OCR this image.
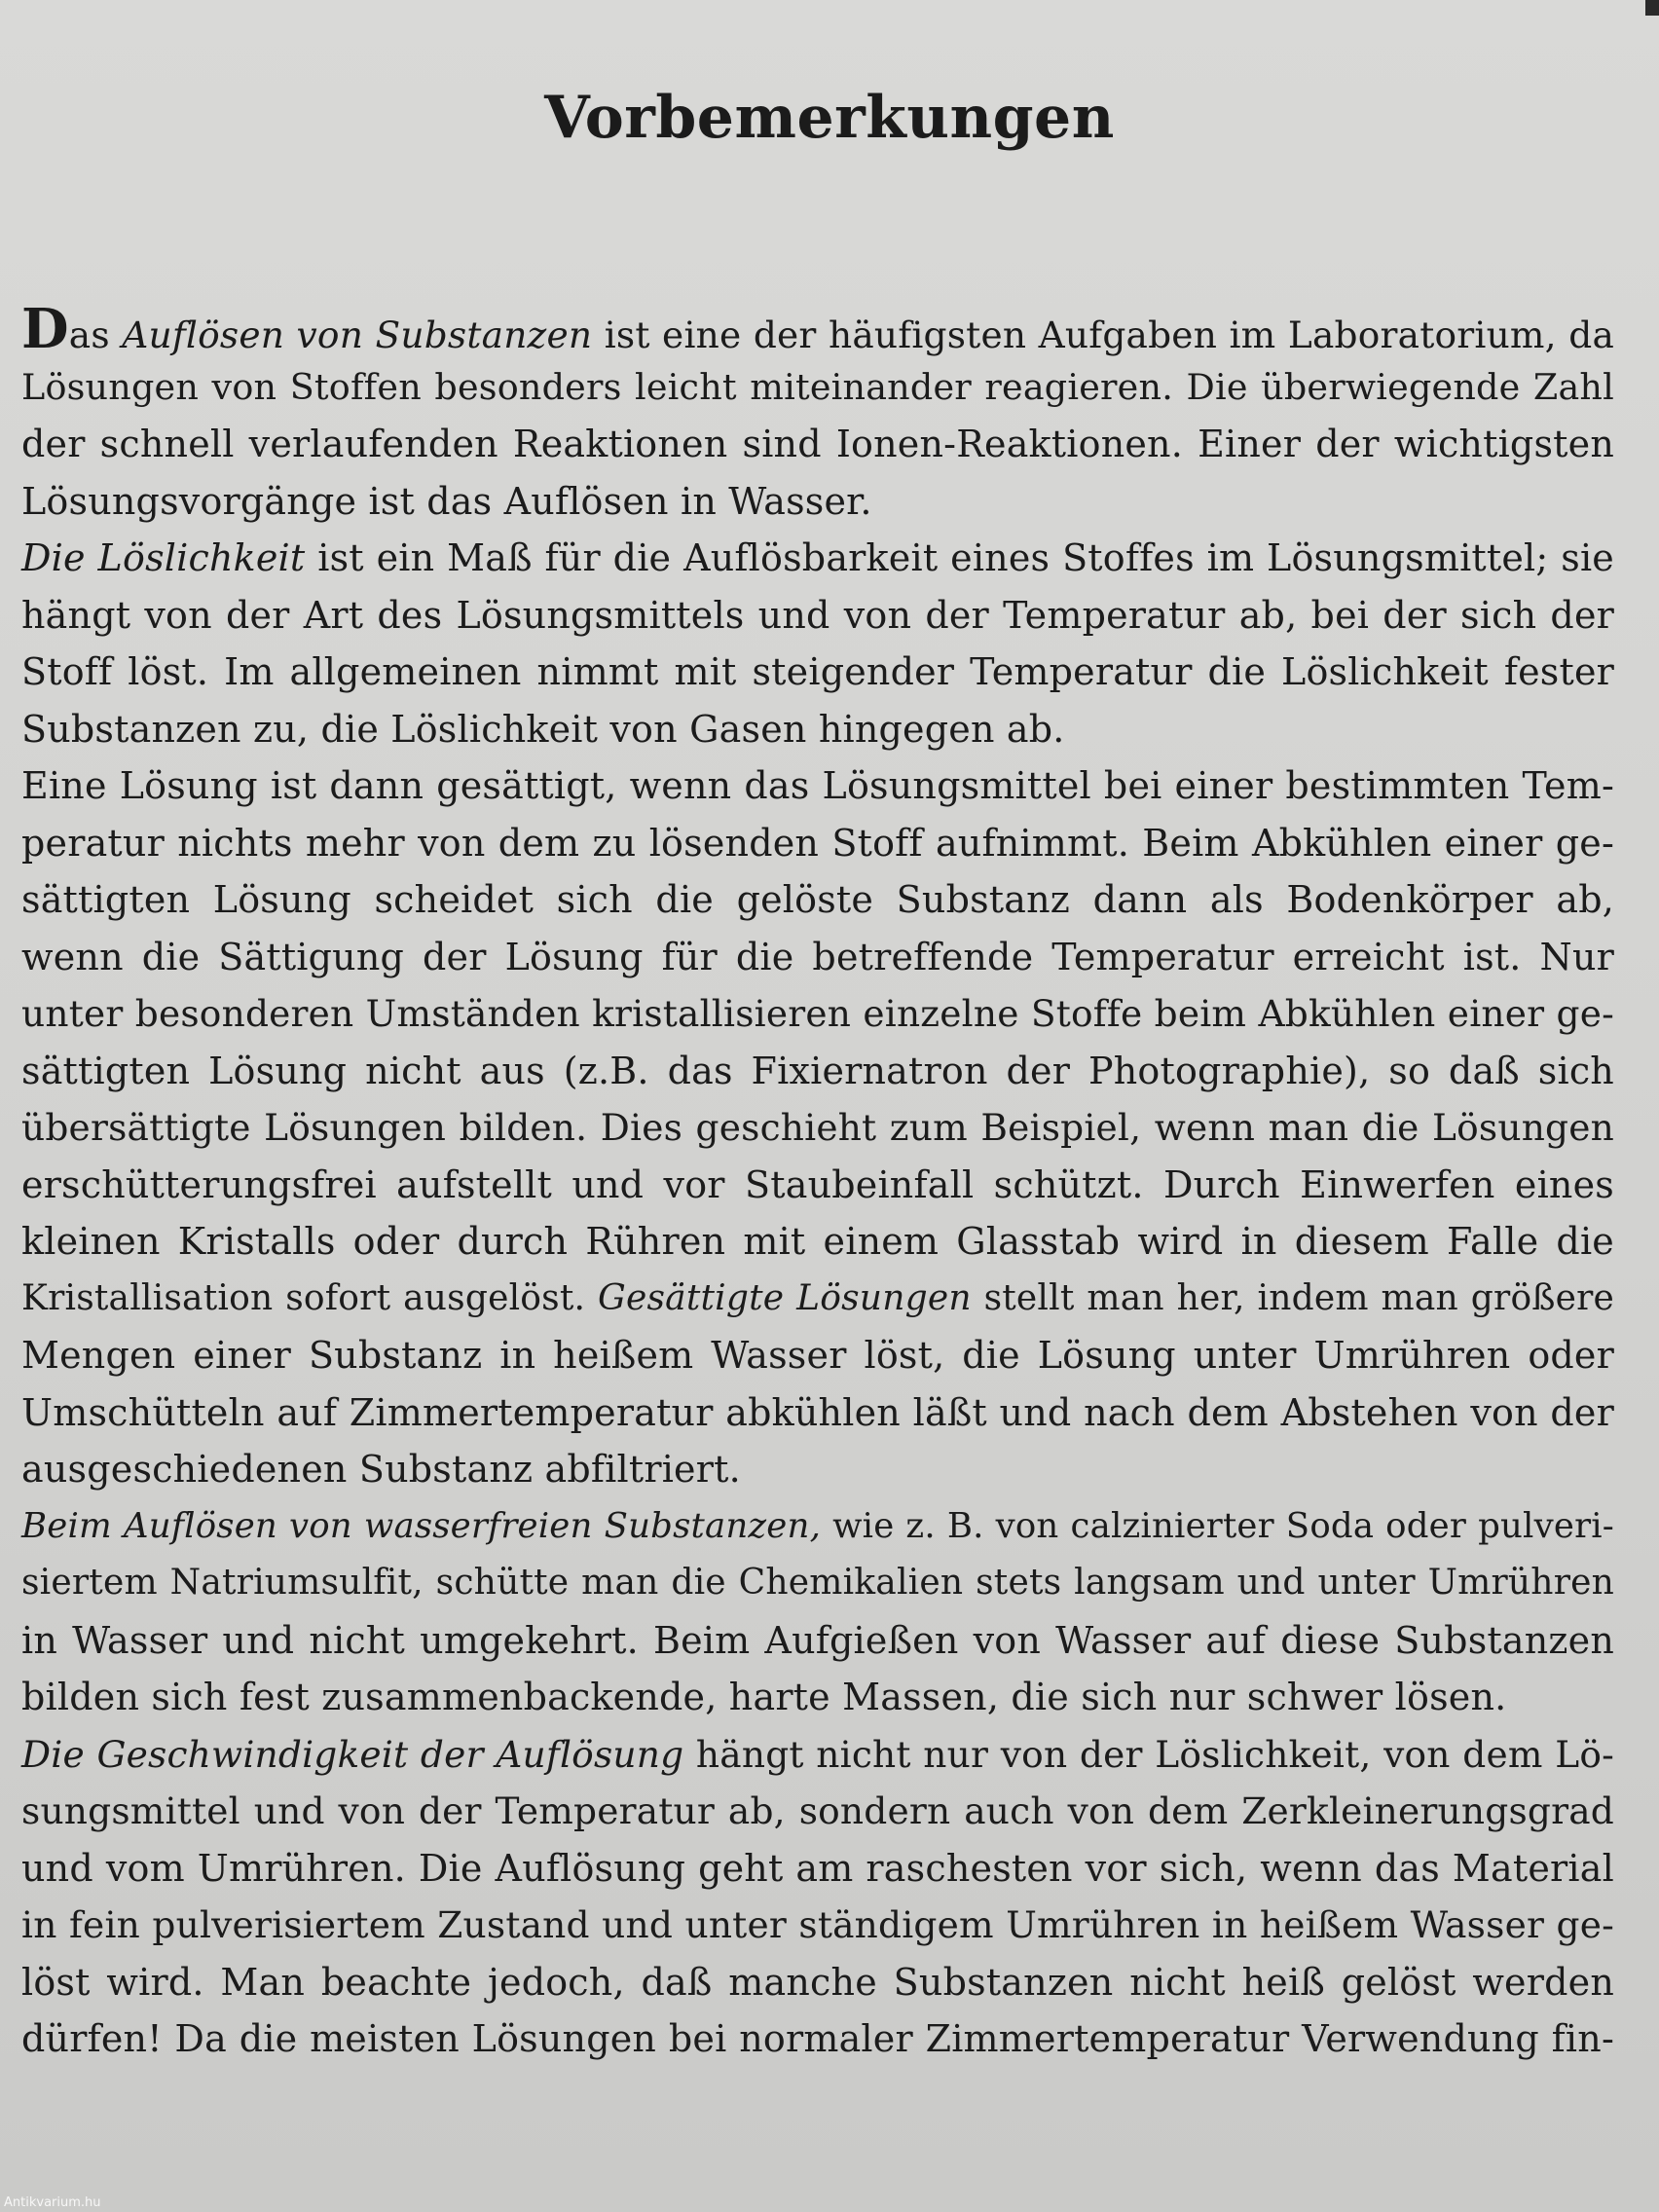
Vorbemerkungen
Das Auflösen von Substanzen ist eine der häufigsten Aufgaben im Laboratorium, da
Lösungen von Stoffen besonders leicht miteinander reagieren. Die überwiegende Zahl
der schnell verlaufenden Reaktionen sind Ionen-Reaktionen. Einer der wichtigsten
Lösungsvorgänge ist das Auflösen in Wasser.
Die Löslichkeit ist ein Maß für die Auflösbarkeit eines Stoffes im Lösungsmittel; sie
hängt von der Art des Lösungsmittels und von der Temperatur ab, bei der sich der
Stoff löst. Im allgemeinen nimmt mit steigender Temperatur die Löslichkeit fester
Substanzen zu, die Löslichkeit von Gasen hingegen ab.
Eine Lösung ist dann gesättigt, wenn das Lösungsmittel bei einer bestimmten Tem-
peratur nichts mehr von dem zu lösenden Stoff aufnimmt. Beim Abkühlen einer ge-
sättigten Lösung scheidet sich die gelöste Substanz dann als Bodenkörper ab,
wenn die Sättigung der Lösung für die betreffende Temperatur erreicht ist. Nur
unter besonderen Umständen kristallisieren einzelne Stoffe beim Abkühlen einer ge-
sättigten Lösung nicht aus (z.B. das Fixiernatron der Photographie), so daß sich
übersättigte Lösungen bilden. Dies geschieht zum Beispiel, wenn man die Lösungen
erschütterungsfrei aufstellt und vor Staubeinfall schützt. Durch Einwerfen eines
kleinen Kristalls oder durch Rühren mit einem Glasstab wird in diesem Falle die
Kristallisation sofort ausgelöst. Gesättigte Lösungen stellt man her, indem man größere
Mengen einer Substanz in heißem Wasser löst, die Lösung unter Umrühren oder
Umschütteln auf Zimmertemperatur abkühlen läßt und nach dem Abstehen von der
ausgeschiedenen Substanz abfiltriert.
Beim Auflösen von wasserfreien Substanzen, wie z. B. von calzinierter Soda oder pulveri-
siertem Natriumsulfit, schütte man die Chemikalien stets langsam und unter Umrühren
in Wasser und nicht umgekehrt. Beim Aufgießen von Wasser auf diese Substanzen
bilden sich fest zusammenbackende, harte Massen, die sich nur schwer lösen.
Die Geschwindigkeit der Auflösung hängt nicht nur von der Löslichkeit, von dem Lö-
sungsmittel und von der Temperatur ab, sondern auch von dem Zerkleinerungsgrad
und vom Umrühren. Die Auflösung geht am raschesten vor sich, wenn das Material
in fein pulverisiertem Zustand und unter ständigem Umrühren in heißem Wasser ge-
löst wird. Man beachte jedoch, daß manche Substanzen nicht heiß gelöst werden
dürfen! Da die meisten Lösungen bei normaler Zimmertemperatur Verwendung fin-
Antikvarium.hu
